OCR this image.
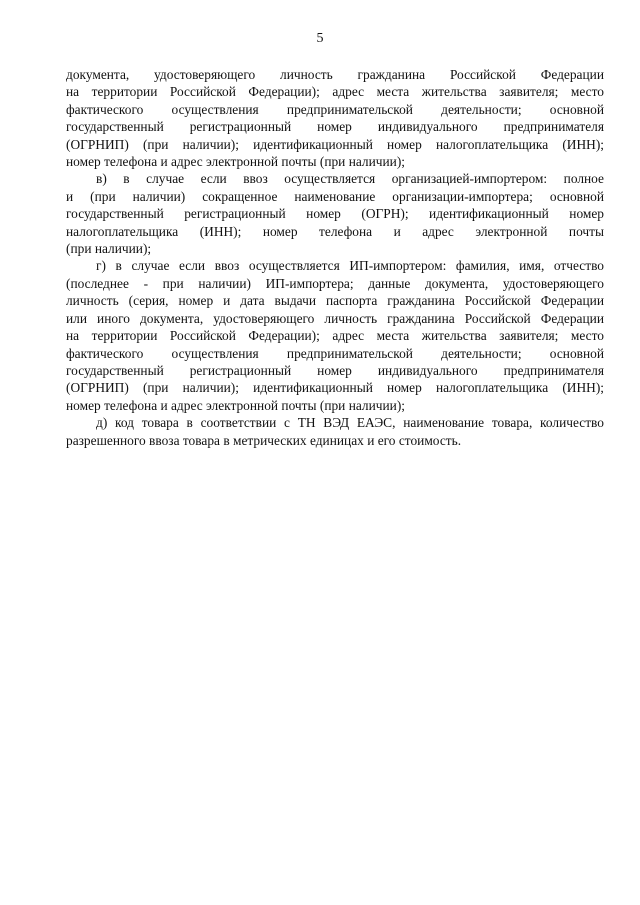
5
документа, удостоверяющего личность гражданина Российской Федерации
на территории Российской Федерации); адрес места жительства заявителя; место
фактического осуществления предпринимательской деятельности; основной
государственный регистрационный номер индивидуального предпринимателя
(ОГРНИП) (при наличии); идентификационный номер налогоплательщика (ИНН);
номер телефона и адрес электронной почты (при наличии);
в) в случае если ввоз осуществляется организацией-импортером: полное
и (при наличии) сокращенное наименование организации-импортера; основной
государственный регистрационный номер (ОГРН); идентификационный номер
налогоплательщика (ИНН); номер телефона и адрес электронной почты
(при наличии);
г) в случае если ввоз осуществляется ИП-импортером: фамилия, имя, отчество
(последнее - при наличии) ИП-импортера; данные документа, удостоверяющего
личность (серия, номер и дата выдачи паспорта гражданина Российской Федерации
или иного документа, удостоверяющего личность гражданина Российской Федерации
на территории Российской Федерации); адрес места жительства заявителя; место
фактического осуществления предпринимательской деятельности; основной
государственный регистрационный номер индивидуального предпринимателя
(ОГРНИП) (при наличии); идентификационный номер налогоплательщика (ИНН);
номер телефона и адрес электронной почты (при наличии);
д) код товара в соответствии с ТН ВЭД ЕАЭС, наименование товара, количество
разрешенного ввоза товара в метрических единицах и его стоимость.
